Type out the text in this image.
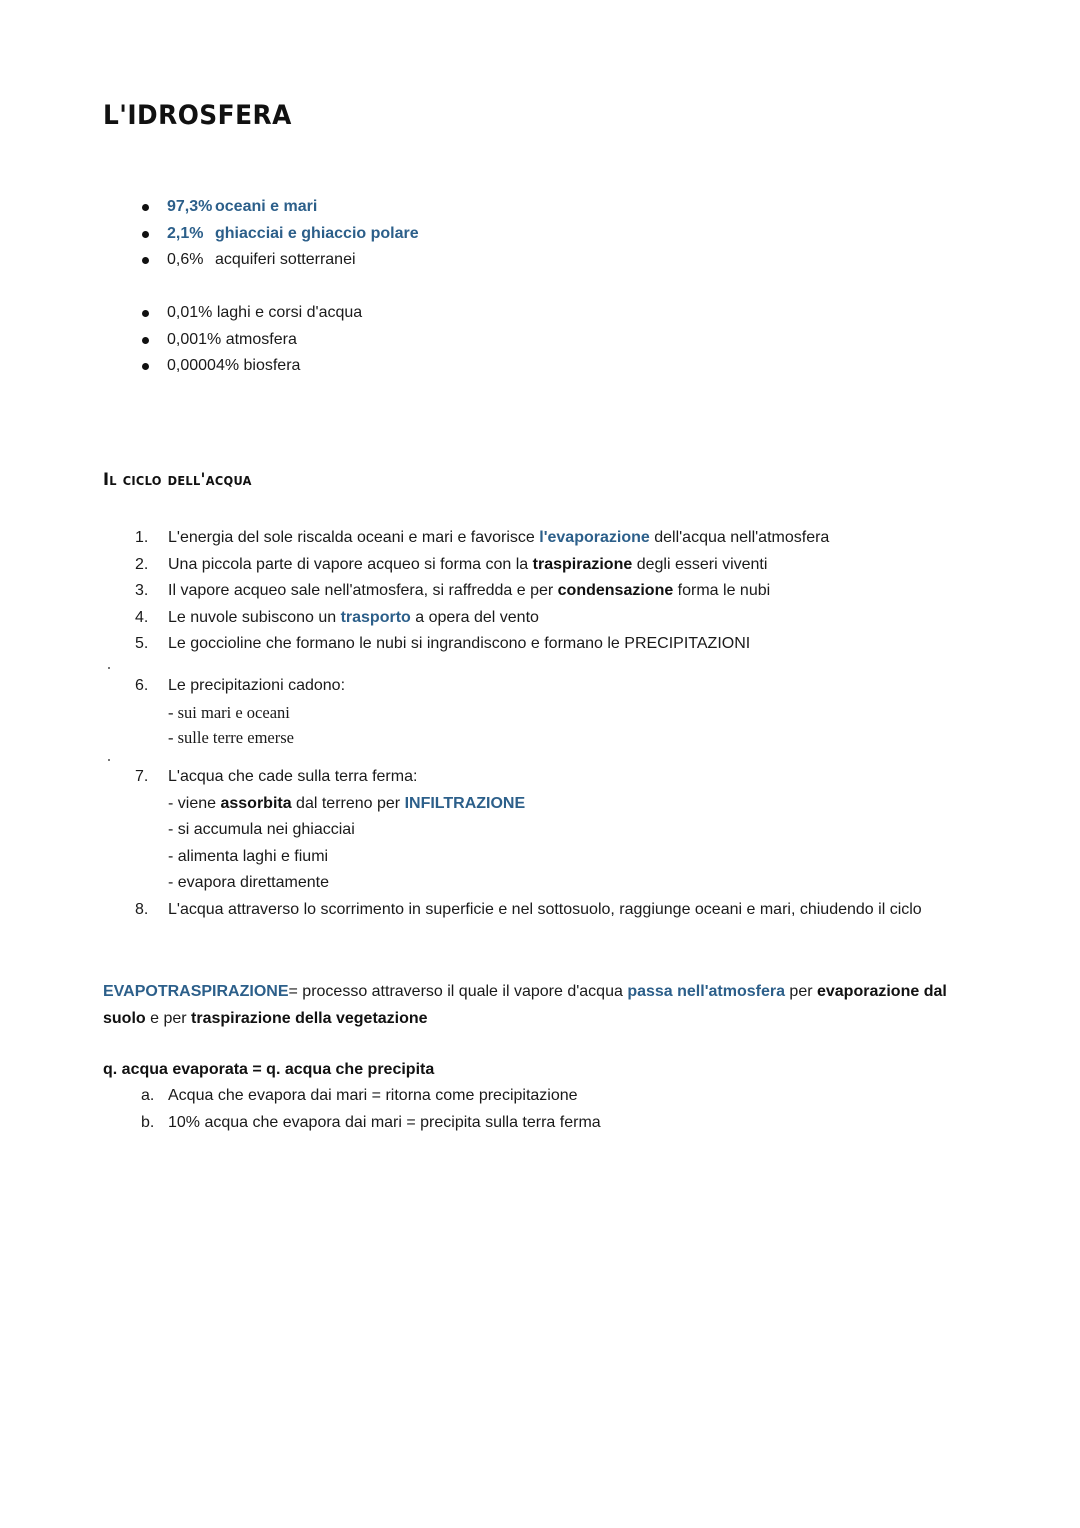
L'IDROSFERA
97,3% oceani e mari
2,1% ghiacciai e ghiaccio polare
0,6% acquiferi sotterranei
0,01% laghi e corsi d'acqua
0,001% atmosfera
0,00004% biosfera
Il ciclo dell'acqua
1. L'energia del sole riscalda oceani e mari e favorisce l'evaporazione dell'acqua nell'atmosfera
2. Una piccola parte di vapore acqueo si forma con la traspirazione degli esseri viventi
3. Il vapore acqueo sale nell'atmosfera, si raffredda e per condensazione forma le nubi
4. Le nuvole subiscono un trasporto a opera del vento
5. Le goccioline che formano le nubi si ingrandiscono e formano le PRECIPITAZIONI
6. Le precipitazioni cadono:
- sui mari e oceani
- sulle terre emerse
7. L'acqua che cade sulla terra ferma:
- viene assorbita dal terreno per INFILTRAZIONE
- si accumula nei ghiacciai
- alimenta laghi e fiumi
- evapora direttamente
8. L'acqua attraverso lo scorrimento in superficie e nel sottosuolo, raggiunge oceani e mari, chiudendo il ciclo
EVAPOTRASPIRAZIONE= processo attraverso il quale il vapore d'acqua passa nell'atmosfera per evaporazione dal suolo e per traspirazione della vegetazione
q. acqua evaporata = q. acqua che precipita
a. Acqua che evapora dai mari = ritorna come precipitazione
b. 10% acqua che evapora dai mari = precipita sulla terra ferma
